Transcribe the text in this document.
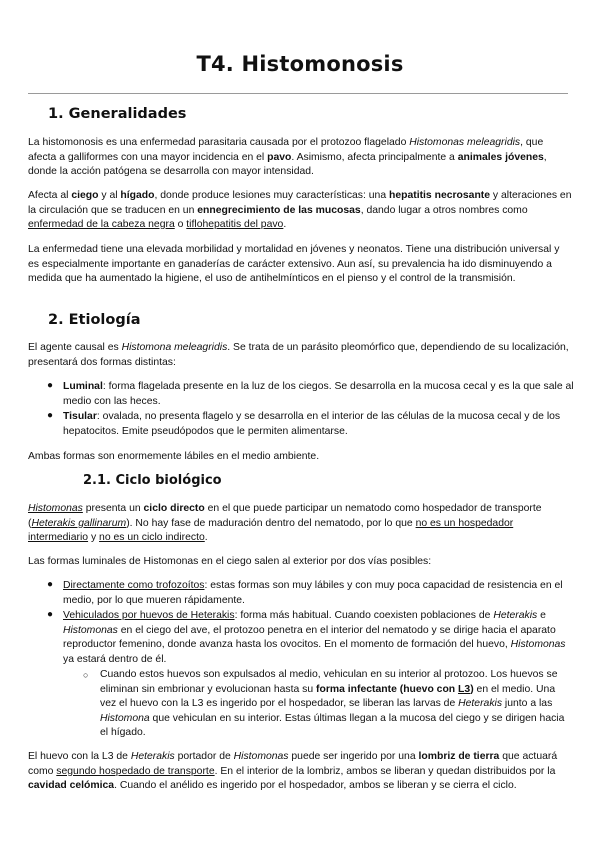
T4. Histomonosis
1. Generalidades
La histomonosis es una enfermedad parasitaria causada por el protozoo flagelado Histomonas meleagridis, que afecta a galliformes con una mayor incidencia en el pavo. Asimismo, afecta principalmente a animales jóvenes, donde la acción patógena se desarrolla con mayor intensidad.
Afecta al ciego y al hígado, donde produce lesiones muy características: una hepatitis necrosante y alteraciones en la circulación que se traducen en un ennegrecimiento de las mucosas, dando lugar a otros nombres como enfermedad de la cabeza negra o tiflohepatitis del pavo.
La enfermedad tiene una elevada morbilidad y mortalidad en jóvenes y neonatos. Tiene una distribución universal y es especialmente importante en ganaderías de carácter extensivo. Aun así, su prevalencia ha ido disminuyendo a medida que ha aumentado la higiene, el uso de antihelmínticos en el pienso y el control de la transmisión.
2. Etiología
El agente causal es Histomona meleagridis. Se trata de un parásito pleomórfico que, dependiendo de su localización, presentará dos formas distintas:
● Luminal: forma flagelada presente en la luz de los ciegos. Se desarrolla en la mucosa cecal y es la que sale al medio con las heces.
● Tisular: ovalada, no presenta flagelo y se desarrolla en el interior de las células de la mucosa cecal y de los hepatocitos. Emite pseudópodos que le permiten alimentarse.
Ambas formas son enormemente lábiles en el medio ambiente.
2.1. Ciclo biológico
Histomonas presenta un ciclo directo en el que puede participar un nematodo como hospedador de transporte (Heterakis gallinarum). No hay fase de maduración dentro del nematodo, por lo que no es un hospedador intermediario y no es un ciclo indirecto.
Las formas luminales de Histomonas en el ciego salen al exterior por dos vías posibles:
● Directamente como trofozoítos: estas formas son muy lábiles y con muy poca capacidad de resistencia en el medio, por lo que mueren rápidamente.
● Vehiculados por huevos de Heterakis: forma más habitual. Cuando coexisten poblaciones de Heterakis e Histomonas en el ciego del ave, el protozoo penetra en el interior del nematodo y se dirige hacia el aparato reproductor femenino, donde avanza hasta los ovocitos. En el momento de formación del huevo, Histomonas ya estará dentro de él.
○ Cuando estos huevos son expulsados al medio, vehiculan en su interior al protozoo. Los huevos se eliminan sin embrionar y evolucionan hasta su forma infectante (huevo con L3) en el medio. Una vez el huevo con la L3 es ingerido por el hospedador, se liberan las larvas de Heterakis junto a las Histomona que vehiculan en su interior. Estas últimas llegan a la mucosa del ciego y se dirigen hacia el hígado.
El huevo con la L3 de Heterakis portador de Histomonas puede ser ingerido por una lombriz de tierra que actuará como segundo hospedado de transporte. En el interior de la lombriz, ambos se liberan y quedan distribuidos por la cavidad celómica. Cuando el anélido es ingerido por el hospedador, ambos se liberan y se cierra el ciclo.
